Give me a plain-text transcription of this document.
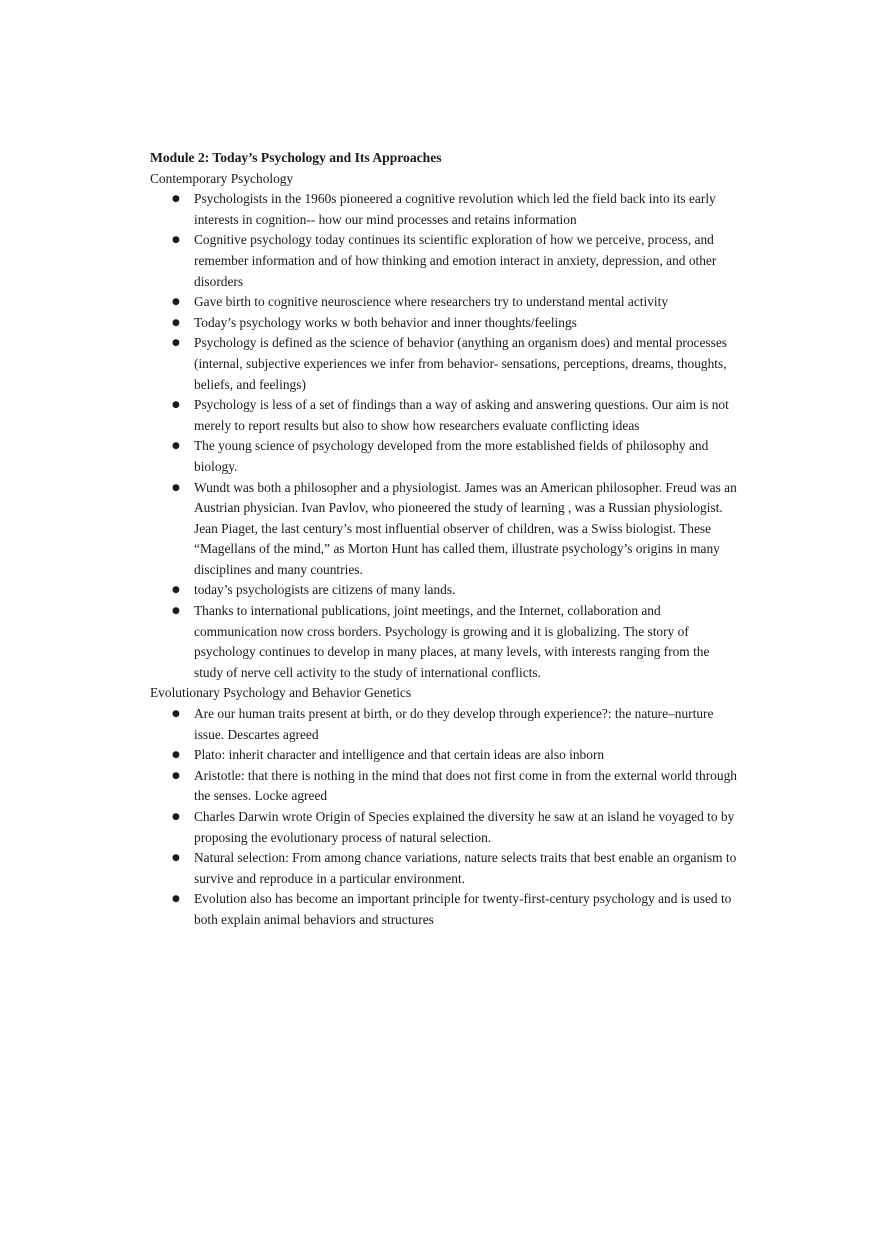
Module 2: Today’s Psychology and Its Approaches

Contemporary Psychology

● Psychologists in the 1960s pioneered a cognitive revolution which led the field back into its early interests in cognition-- how our mind processes and retains information
● Cognitive psychology today continues its scientific exploration of how we perceive, process, and remember information and of how thinking and emotion interact in anxiety, depression, and other disorders
● Gave birth to cognitive neuroscience where researchers try to understand mental activity
● Today’s psychology works w both behavior and inner thoughts/feelings
● Psychology is defined as the science of behavior (anything an organism does) and mental processes (internal, subjective experiences we infer from behavior- sensations, perceptions, dreams, thoughts, beliefs, and feelings)
● Psychology is less of a set of findings than a way of asking and answering questions. Our aim is not merely to report results but also to show how researchers evaluate conflicting ideas
● The young science of psychology developed from the more established fields of philosophy and biology.
● Wundt was both a philosopher and a physiologist. James was an American philosopher. Freud was an Austrian physician. Ivan Pavlov, who pioneered the study of learning , was a Russian physiologist. Jean Piaget, the last century’s most influential observer of children, was a Swiss biologist. These “Magellans of the mind,” as Morton Hunt has called them, illustrate psychology’s origins in many disciplines and many countries.
● today’s psychologists are citizens of many lands.
● Thanks to international publications, joint meetings, and the Internet, collaboration and communication now cross borders. Psychology is growing and it is globalizing. The story of psychology continues to develop in many places, at many levels, with interests ranging from the study of nerve cell activity to the study of international conflicts.

Evolutionary Psychology and Behavior Genetics

● Are our human traits present at birth, or do they develop through experience?: the nature–nurture issue. Descartes agreed
● Plato: inherit character and intelligence and that certain ideas are also inborn
● Aristotle: that there is nothing in the mind that does not first come in from the external world through the senses. Locke agreed
● Charles Darwin wrote Origin of Species explained the diversity he saw at an island he voyaged to by proposing the evolutionary process of natural selection.
● Natural selection: From among chance variations, nature selects traits that best enable an organism to survive and reproduce in a particular environment.
● Evolution also has become an important principle for twenty-first-century psychology and is used to both explain animal behaviors and structures
